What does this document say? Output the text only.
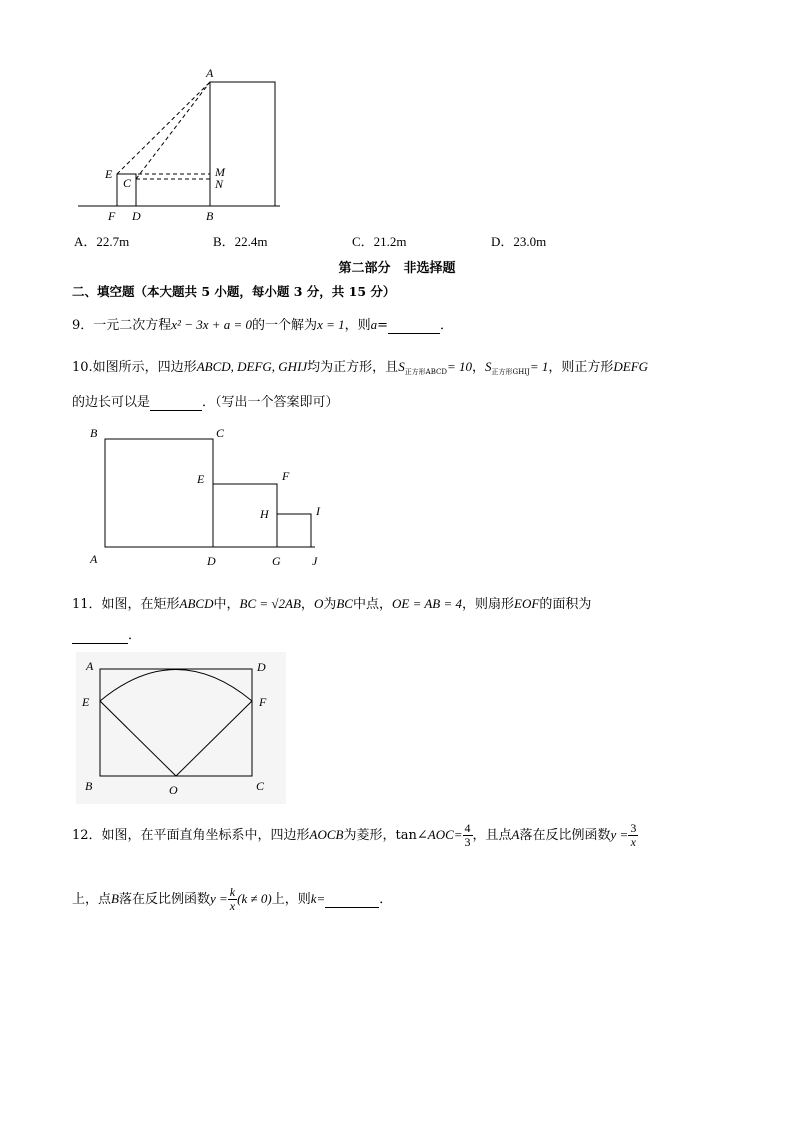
A
E
C
M
N
F D	B
A．22.7m	B．22.4m	C．21.2m	D．23.0m
第二部分　非选择题
二、填空题（本大题共 5 小题，每小题 3 分，共 15 分）
9．一元二次方程x² − 3x + a = 0的一个解为x = 1，则a=	．
10.如图所示，四边形ABCD, DEFG, GHIJ均为正方形，且$S_{正方形ABCD}= 10$，$S_{正方形GHIJ}= 1$，则正方形DEFG
的边长可以是	．（写出一个答案即可）
B	C
E	F
H	I
A	D	G	J
11．如图，在矩形ABCD中，BC = √2AB，O为BC中点，OE = AB = 4，则扇形EOF的面积为
．
A	D
E	F
B	O	C
12．如图，在平面直角坐标系中，四边形AOCB为菱形，tan∠AOC= $\frac{4}{3}$ ，且点A落在反比例函数$y = \frac{3}{x}$
上，点B落在反比例函数$y = \frac{k}{x} (k \ne 0)$上，则k=	．
